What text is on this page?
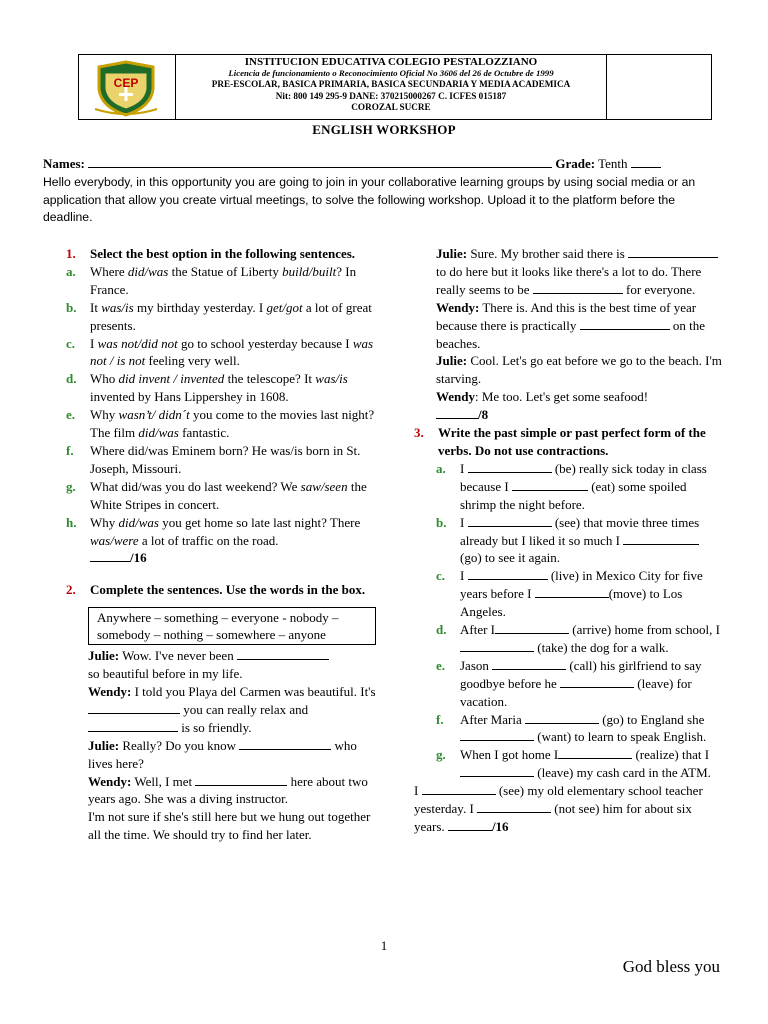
CEP
INSTITUCION EDUCATIVA COLEGIO PESTALOZZIANO
Licencia de funcionamiento o Reconocimiento Oficial No 3606 del 26 de Octubre de 1999
PRE-ESCOLAR, BASICA PRIMARIA, BASICA SECUNDARIA Y MEDIA ACADEMICA
Nit: 800 149 295-9 DANE: 370215000267 C. ICFES 015187
COROZAL SUCRE
ENGLISH WORKSHOP
Names:	Grade: Tenth
Hello everybody, in this opportunity you are going to join in your collaborative learning groups by using social media or an application that allow you create virtual meetings, to solve the following workshop. Upload it to the platform before the deadline.
1. Select the best option in the following sentences.
a. Where did/was the Statue of Liberty build/built? In France.
b. It was/is my birthday yesterday. I get/got a lot of great presents.
c. I was not/did not go to school yesterday because I was not / is not feeling very well.
d. Who did invent / invented the telescope? It was/is invented by Hans Lippershey in 1608.
e. Why wasn’t/ didn´t you come to the movies last night? The film did/was fantastic.
f. Where did/was Eminem born? He was/is born in St. Joseph, Missouri.
g. What did/was you do last weekend? We saw/seen the White Stripes in concert.
h. Why did/was you get home so late last night? There was/were a lot of traffic on the road.
/16
2. Complete the sentences. Use the words in the box.
Anywhere – something – everyone - nobody – somebody – nothing – somewhere – anyone
Julie: Wow. I've never been
so beautiful before in my life.
Wendy: I told you Playa del Carmen was beautiful. It's  you can really relax and  is so friendly.
Julie: Really? Do you know	who lives here?
Wendy: Well, I met	here about two years ago. She was a diving instructor.
I'm not sure if she's still here but we hung out together all the time. We should try to find her later.
Julie: Sure. My brother said there is  to do here but it looks like there's a lot to do. There really seems to be	for everyone.
Wendy: There is. And this is the best time of year because there is practically	on the beaches.
Julie: Cool. Let's go eat before we go to the beach. I'm starving.
Wendy: Me too. Let's get some seafood!
/8
3. Write the past simple or past perfect form of the verbs. Do not use contractions.
a. I	(be) really sick today in class because I	(eat) some spoiled shrimp the night before.
b. I	(see) that movie three times already but I liked it so much I  (go) to see it again.
c. I	(live) in Mexico City for five years before I	(move) to Los Angeles.
d. After I	(arrive) home from school, I  (take) the dog for a walk.
e. Jason	(call) his girlfriend to say goodbye before he	(leave) for vacation.
f. After Maria	(go) to England she  (want) to learn to speak English.
g. When I got home I	(realize) that I  (leave) my cash card in the ATM.
I	(see) my old elementary school teacher yesterday. I	(not see) him for about six years.	/16
1
God bless you
